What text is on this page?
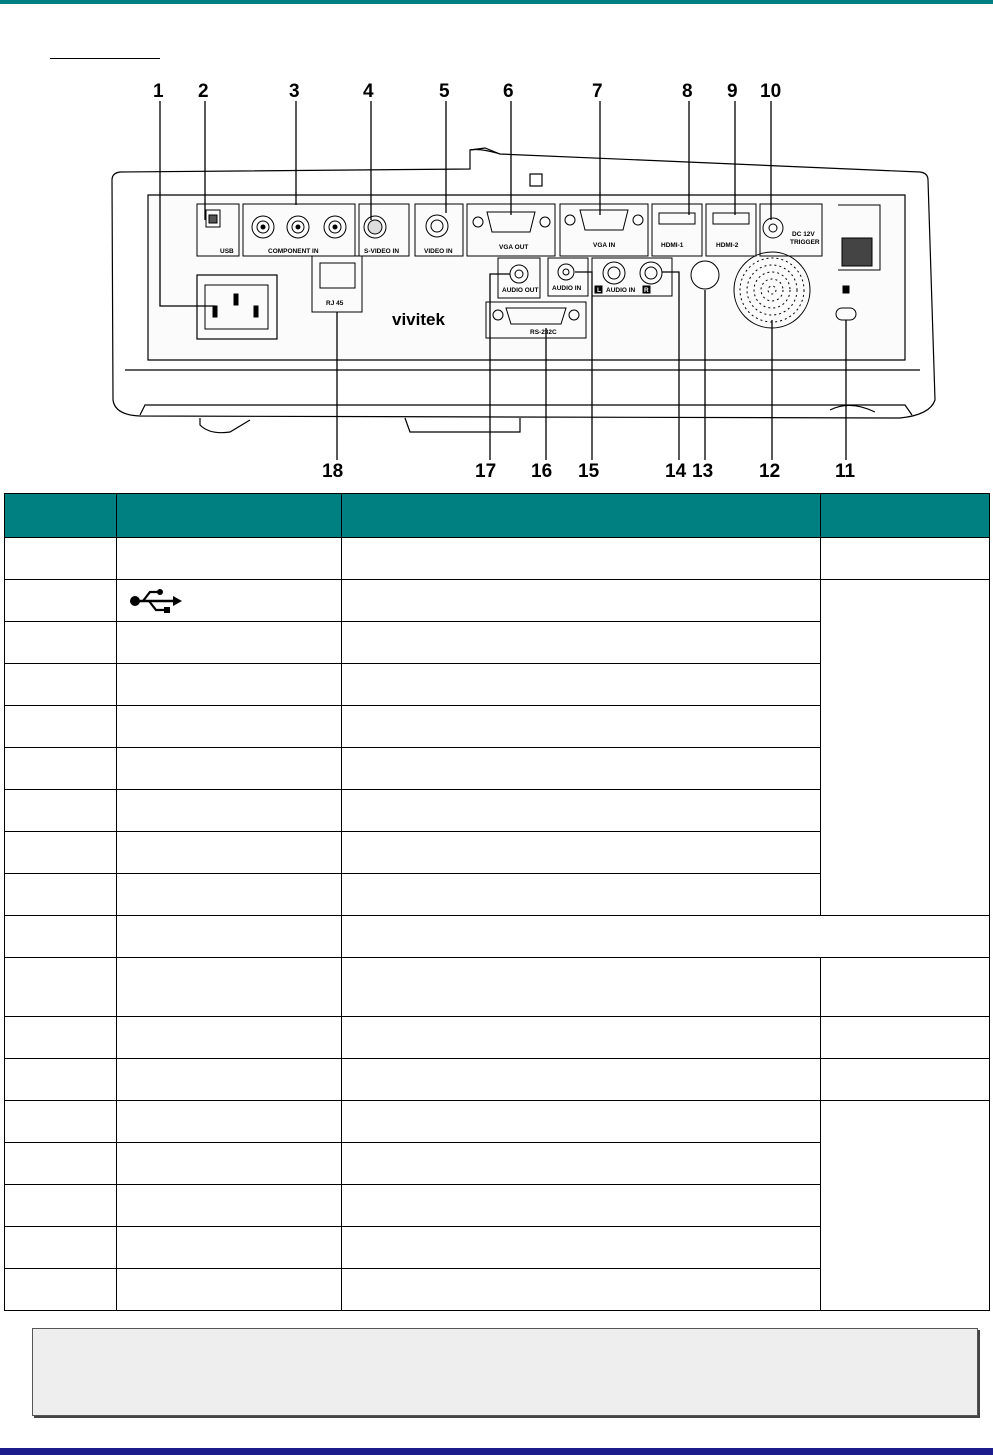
1 2	3	4	5	6	7	8 9 10
18	17 16 15	14 13 12	11
USB	COMPONENT IN	S-VIDEO IN	VIDEO IN
VGA OUT	VGA IN	HDMI-1	HDMI-2
DC 12V
TRIGGER
RJ 45
vivitek
AUDIO OUT
RS-232C
AUDIO IN L AUDIO IN R
